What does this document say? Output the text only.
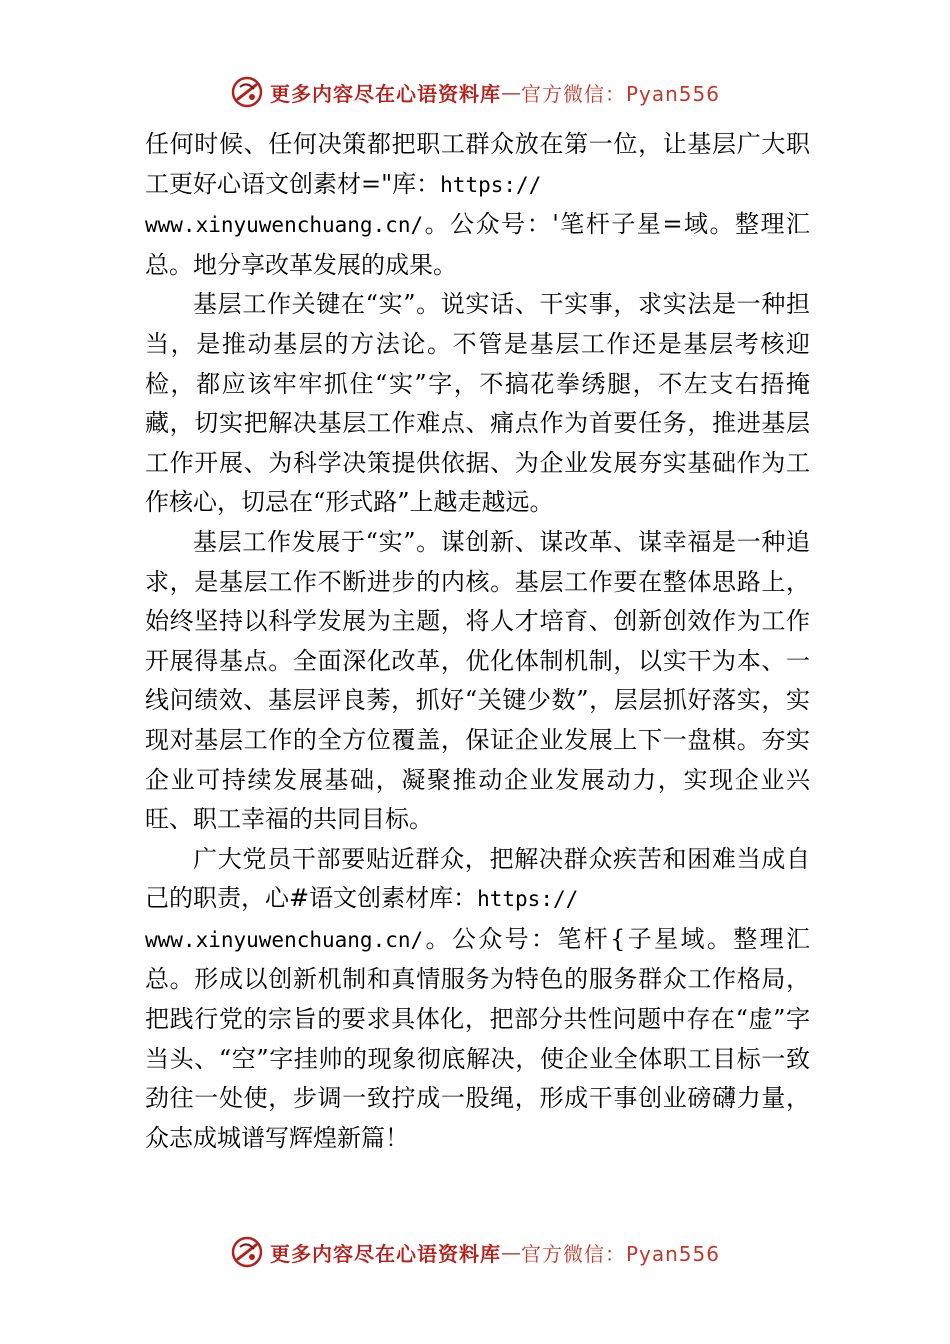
更多内容尽在心语资料库 — 官方微信：Pyan556

任何时候、任何决策都把职工群众放在第一位，让基层广大职工更好心语文创素材="库：https://
www.xinyuwenchuang.cn/。公众号：'笔杆子星=域。整理汇总。地分享改革发展的成果。

基层工作关键在“实”。说实话、干实事，求实法是一种担当，是推动基层的方法论。不管是基层工作还是基层考核迎检，都应该牢牢抓住“实”字，不搞花拳绣腿，不左支右捂掩藏，切实把解决基层工作难点、痛点作为首要任务，推进基层工作开展、为科学决策提供依据、为企业发展夯实基础作为工作核心，切忌在“形式路”上越走越远。

基层工作发展于“实”。谋创新、谋改革、谋幸福是一种追求，是基层工作不断进步的内核。基层工作要在整体思路上，始终坚持以科学发展为主题，将人才培育、创新创效作为工作开展得基点。全面深化改革，优化体制机制，以实干为本、一线问绩效、基层评良莠，抓好“关键少数”，层层抓好落实，实现对基层工作的全方位覆盖，保证企业发展上下一盘棋。夯实企业可持续发展基础，凝聚推动企业发展动力，实现企业兴旺、职工幸福的共同目标。

广大党员干部要贴近群众，把解决群众疾苦和困难当成自己的职责，心#语文创素材库：https://
www.xinyuwenchuang.cn/。公众号：笔杆{子星域。整理汇总。形成以创新机制和真情服务为特色的服务群众工作格局，把践行党的宗旨的要求具体化，把部分共性问题中存在“虚”字当头、“空”字挂帅的现象彻底解决，使企业全体职工目标一致劲往一处使，步调一致拧成一股绳，形成干事创业磅礴力量，众志成城谱写辉煌新篇！

更多内容尽在心语资料库 — 官方微信：Pyan556
